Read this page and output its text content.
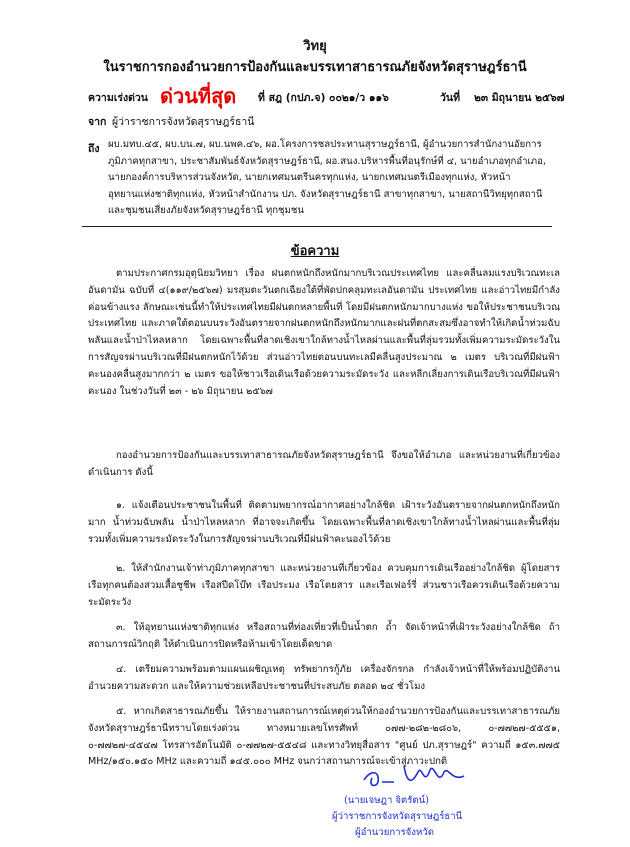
วิทยุ
ในราชการกองอำนวยการป้องกันและบรรเทาสาธารณภัยจังหวัดสุราษฎร์ธานี
ความเร่งด่วน ด่วนที่สุด ที่ สฎ (กปภ.จ) ๐๐๒๑/ว ๑๑๖	วันที่ ๒๓ มิถุนายน ๒๕๖๗
จาก ผู้ว่าราชการจังหวัดสุราษฎร์ธานี
ถึง ผบ.มทบ.๔๕, ผบ.บน.๗, ผบ.นพค.๔๖, ผอ.โครงการชลประทานสุราษฎร์ธานี, ผู้อำนวยการสำนักงานอัยการ
ภูมิภาคทุกสาขา, ประชาสัมพันธ์จังหวัดสุราษฎร์ธานี, ผอ.สนง.บริหารพื้นที่อนุรักษ์ที่ ๔, นายอำเภอทุกอำเภอ,
นายกองค์การบริหารส่วนจังหวัด, นายกเทศมนตรีนครทุกแห่ง, นายกเทศมนตรีเมืองทุกแห่ง, หัวหน้า
อุทยานแห่งชาติทุกแห่ง, หัวหน้าสำนักงาน ปภ. จังหวัดสุราษฎร์ธานี สาขาทุกสาขา, นายสถานีวิทยุทุกสถานี
และชุมชนเสี่ยงภัยจังหวัดสุราษฎร์ธานี ทุกชุมชน
ข้อความ

ตามประกาศกรมอุตุนิยมวิทยา เรื่อง ฝนตกหนักถึงหนักมากบริเวณประเทศไทย และคลื่นลมแรงบริเวณทะเลอันดามัน ฉบับที่ ๔(๑๑๙/๒๕๖๗) มรสุมตะวันตกเฉียงใต้ที่พัดปกคลุมทะเลอันดามัน ประเทศไทย และอ่าวไทยมีกำลังค่อนข้างแรง ลักษณะเช่นนี้ทำให้ประเทศไทยมีฝนตกหลายพื้นที่ โดยมีฝนตกหนักมากบางแห่ง ขอให้ประชาชนบริเวณประเทศไทย และภาคใต้ตอนบนระวังอันตรายจากฝนตกหนักถึงหนักมากและฝนที่ตกสะสมซึ่งอาจทำให้เกิดน้ำท่วมฉับพลันและน้ำป่าไหลหลาก โดยเฉพาะพื้นที่ลาดเชิงเขาใกล้ทางน้ำไหลผ่านและพื้นที่ลุ่มรวมทั้งเพิ่มความระมัดระวังในการสัญจรผ่านบริเวณที่มีฝนตกหนักไว้ด้วย ส่วนอ่าวไทยตอนบนทะเลมีคลื่นสูงประมาณ ๒ เมตร บริเวณที่มีฝนฟ้าคะนองคลื่นสูงมากกว่า ๒ เมตร ขอให้ชาวเรือเดินเรือด้วยความระมัดระวัง และหลีกเลี่ยงการเดินเรือบริเวณที่มีฝนฟ้าคะนอง ในช่วงวันที่ ๒๓ - ๒๖ มิถุนายน ๒๕๖๗

กองอำนวยการป้องกันและบรรเทาสาธารณภัยจังหวัดสุราษฎร์ธานี จึงขอให้อำเภอ และหน่วยงานที่เกี่ยวข้องดำเนินการ ดังนี้

๑. แจ้งเตือนประชาชนในพื้นที่ ติดตามพยากรณ์อากาศอย่างใกล้ชิด เฝ้าระวังอันตรายจากฝนตกหนักถึงหนักมาก น้ำท่วมฉับพลัน น้ำป่าไหลหลาก ที่อาจจะเกิดขึ้น โดยเฉพาะพื้นที่ลาดเชิงเขาใกล้ทางน้ำไหลผ่านและพื้นที่ลุ่ม รวมทั้งเพิ่มความระมัดระวังในการสัญจรผ่านบริเวณที่มีฝนฟ้าคะนองไว้ด้วย

๒. ให้สำนักงานเจ้าท่าภูมิภาคทุกสาขา และหน่วยงานที่เกี่ยวข้อง ควบคุมการเดินเรืออย่างใกล้ชิด ผู้โดยสารเรือทุกคนต้องสวมเสื้อชูชีพ เรือสปีดโบ๊ท เรือประมง เรือโดยสาร และเรือเฟอร์รี่ ส่วนชาวเรือควรเดินเรือด้วยความระมัดระวัง

๓. ให้อุทยานแห่งชาติทุกแห่ง หรือสถานที่ท่องเที่ยวที่เป็นน้ำตก ถ้ำ จัดเจ้าหน้าที่เฝ้าระวังอย่างใกล้ชิด ถ้าสถานการณ์วิกฤติ ให้ดำเนินการปิดหรือห้ามเข้าโดยเด็ดขาด

๔. เตรียมความพร้อมตามแผนเผชิญเหตุ ทรัพยากรกู้ภัย เครื่องจักรกล กำลังเจ้าหน้าที่ให้พร้อมปฏิบัติงาน อำนวยความสะดวก และให้ความช่วยเหลือประชาชนที่ประสบภัย ตลอด ๒๔ ชั่วโมง

๕. หากเกิดสาธารณภัยขึ้น ให้รายงานสถานการณ์เหตุด่วนให้กองอำนวยการป้องกันและบรรเทาสาธารณภัยจังหวัดสุราษฎร์ธานีทราบโดยเร่งด่วน ทางหมายเลขโทรศัพท์ ๐๗๗-๒๘๒-๒๘๐๖, ๐-๗๗๒๗-๕๕๕๑, ๐-๗๗๒๗-๔๕๔๗ โทรสารอัตโนมัติ ๐-๗๗๒๗-๕๕๔๘ และทางวิทยุสื่อสาร "ศูนย์ ปภ.สุราษฎร์" ความถี่ ๑๕๓.๗๗๕ MHz/๑๕๐.๑๕๐ MHz และความถี่ ๑๔๕.๐๐๐ MHz จนกว่าสถานการณ์จะเข้าสู่ภาวะปกติ

(นายเจษฎา จิตรัตน์)
ผู้ว่าราชการจังหวัดสุราษฎร์ธานี
ผู้อำนวยการจังหวัด
